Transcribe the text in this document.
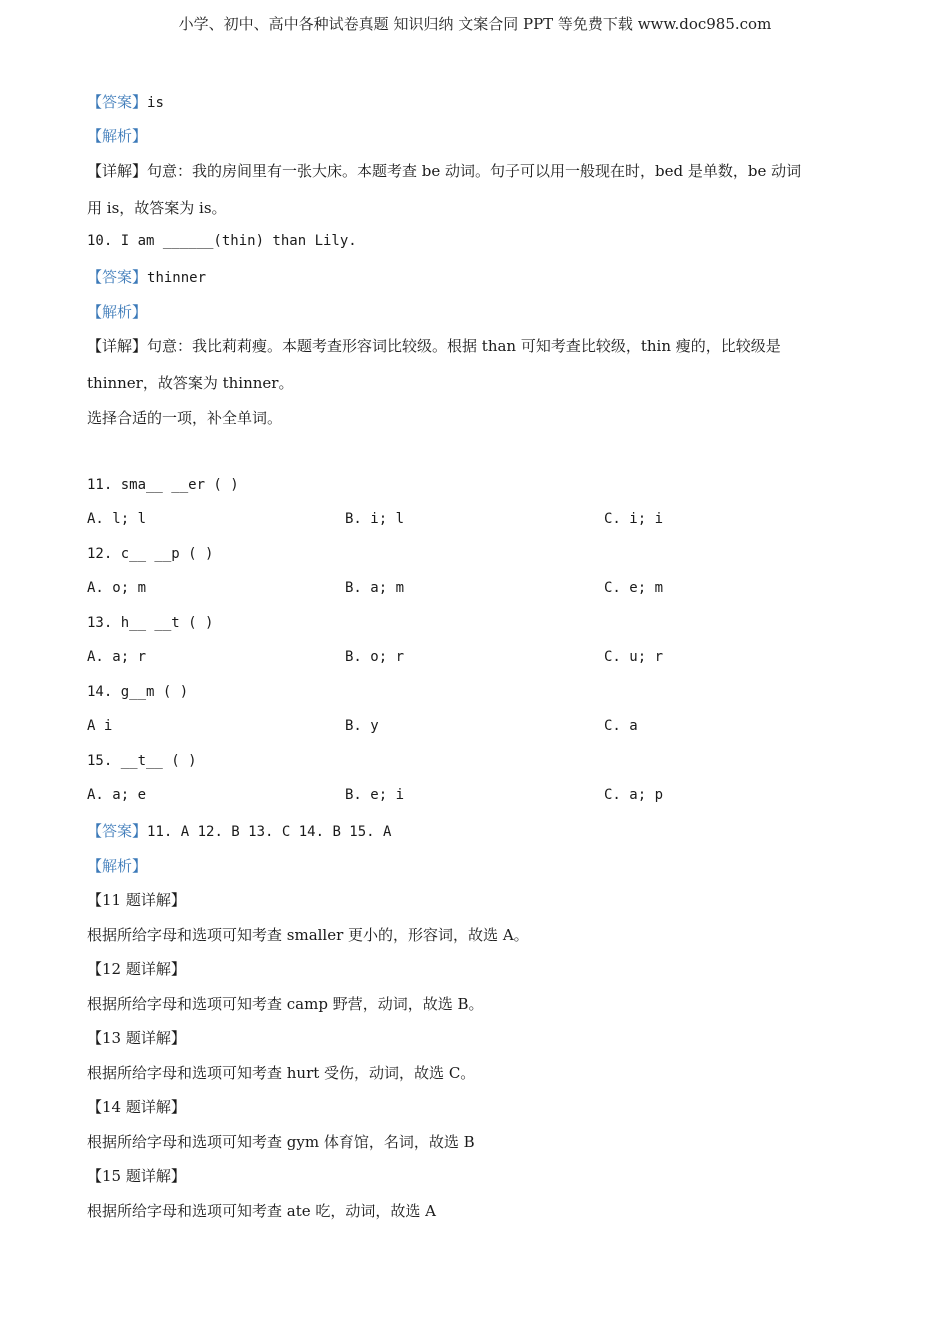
小学、初中、高中各种试卷真题 知识归纳 文案合同 PPT 等免费下载 www.doc985.com
【答案】is
【解析】
【详解】句意：我的房间里有一张大床。本题考查 be 动词。句子可以用一般现在时，bed 是单数，be 动词
用 is，故答案为 is。
10. I am ______(thin) than Lily.
【答案】thinner
【解析】
【详解】句意：我比莉莉瘦。本题考查形容词比较级。根据 than 可知考查比较级，thin 瘦的，比较级是
thinner，故答案为 thinner。
选择合适的一项，补全单词。
11. sma__ __er ( )
A. l; l	B. i; l	C. i; i
12. c__ __p ( )
A. o; m	B. a; m	C. e; m
13. h__ __t ( )
A. a; r	B. o; r	C. u; r
14. g__m ( )
A i	B. y	C. a
15. __t__ ( )
A. a; e	B. e; i	C. a; p
【答案】11. A 12. B 13. C 14. B 15. A
【解析】
【11 题详解】
根据所给字母和选项可知考查 smaller 更小的，形容词，故选 A。
【12 题详解】
根据所给字母和选项可知考查 camp 野营，动词，故选 B。
【13 题详解】
根据所给字母和选项可知考查 hurt 受伤，动词，故选 C。
【14 题详解】
根据所给字母和选项可知考查 gym 体育馆，名词，故选 B
【15 题详解】
根据所给字母和选项可知考查 ate 吃，动词，故选 A
